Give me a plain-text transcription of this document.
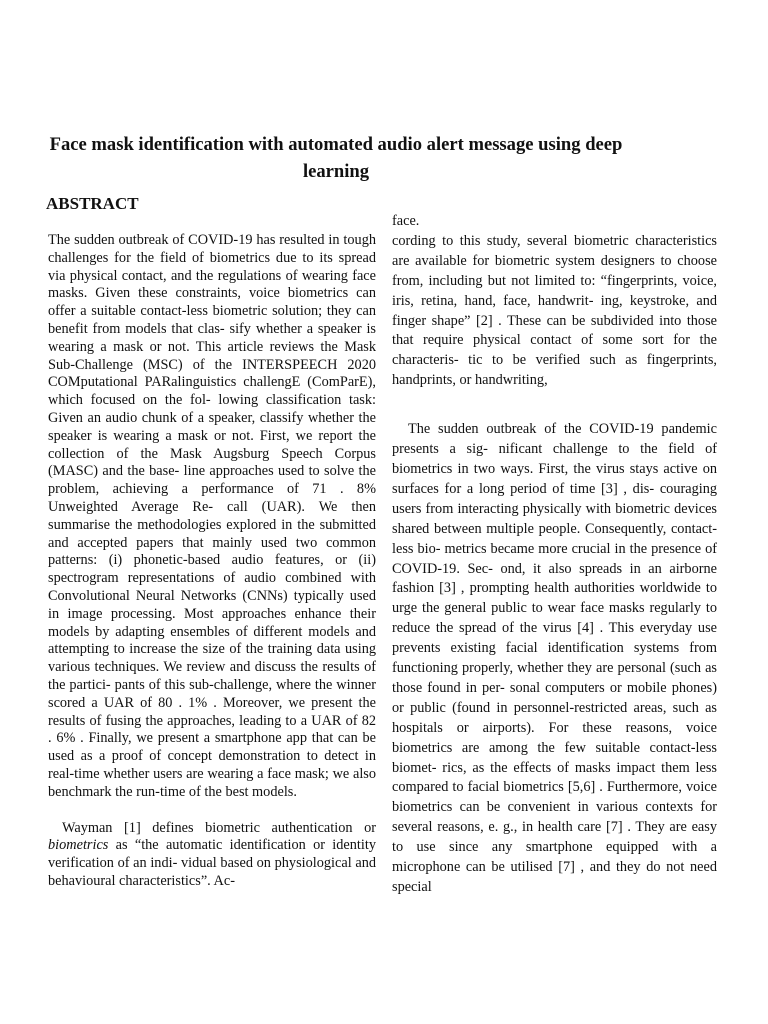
Face mask identification with automated audio alert message using deep learning
ABSTRACT

The sudden outbreak of COVID-19 has resulted in tough challenges for the field of biometrics due to its spread via physical contact, and the regulations of wearing face masks. Given these constraints, voice biometrics can offer a suitable contact-less biometric solution; they can benefit from models that clas- sify whether a speaker is wearing a mask or not. This article reviews the Mask Sub-Challenge (MSC) of the INTERSPEECH 2020 COMputational PARalinguistics challengE (ComParE), which focused on the fol- lowing classification task: Given an audio chunk of a speaker, classify whether the speaker is wearing a mask or not. First, we report the collection of the Mask Augsburg Speech Corpus (MASC) and the base- line approaches used to solve the problem, achieving a performance of 71 . 8% Unweighted Average Re- call (UAR). We then summarise the methodologies explored in the submitted and accepted papers that mainly used two common patterns: (i) phonetic-based audio features, or (ii) spectrogram representations of audio combined with Convolutional Neural Networks (CNNs) typically used in image processing. Most approaches enhance their models by adapting ensembles of different models and attempting to increase the size of the training data using various techniques. We review and discuss the results of the partici- pants of this sub-challenge, where the winner scored a UAR of 80 . 1% . Moreover, we present the results of fusing the approaches, leading to a UAR of 82 . 6% . Finally, we present a smartphone app that can be used as a proof of concept demonstration to detect in real-time whether users are wearing a face mask; we also benchmark the run-time of the best models.

Wayman [1] defines biometric authentication or biometrics as “the automatic identification or identity verification of an indi- vidual based on physiological and behavioural characteristics”. Ac-

face.

cording to this study, several biometric characteristics are available for biometric system designers to choose from, including but not limited to: “fingerprints, voice, iris, retina, hand, face, handwrit- ing, keystroke, and finger shape” [2] . These can be subdivided into those that require physical contact of some sort for the characteris- tic to be verified such as fingerprints, handprints, or handwriting,

The sudden outbreak of the COVID-19 pandemic presents a sig- nificant challenge to the field of biometrics in two ways. First, the virus stays active on surfaces for a long period of time [3] , dis- couraging users from interacting physically with biometric devices shared between multiple people. Consequently, contact-less bio- metrics became more crucial in the presence of COVID-19. Sec- ond, it also spreads in an airborne fashion [3] , prompting health authorities worldwide to urge the general public to wear face masks regularly to reduce the spread of the virus [4] . This everyday use prevents existing facial identification systems from functioning properly, whether they are personal (such as those found in per- sonal computers or mobile phones) or public (found in personnel-restricted areas, such as hospitals or airports). For these reasons, voice biometrics are among the few suitable contact-less biomet- rics, as the effects of masks impact them less compared to facial biometrics [5,6] . Furthermore, voice biometrics can be convenient in various contexts for several reasons, e. g., in health care [7] . They are easy to use since any smartphone equipped with a microphone can be utilised [7] , and they do not need special
